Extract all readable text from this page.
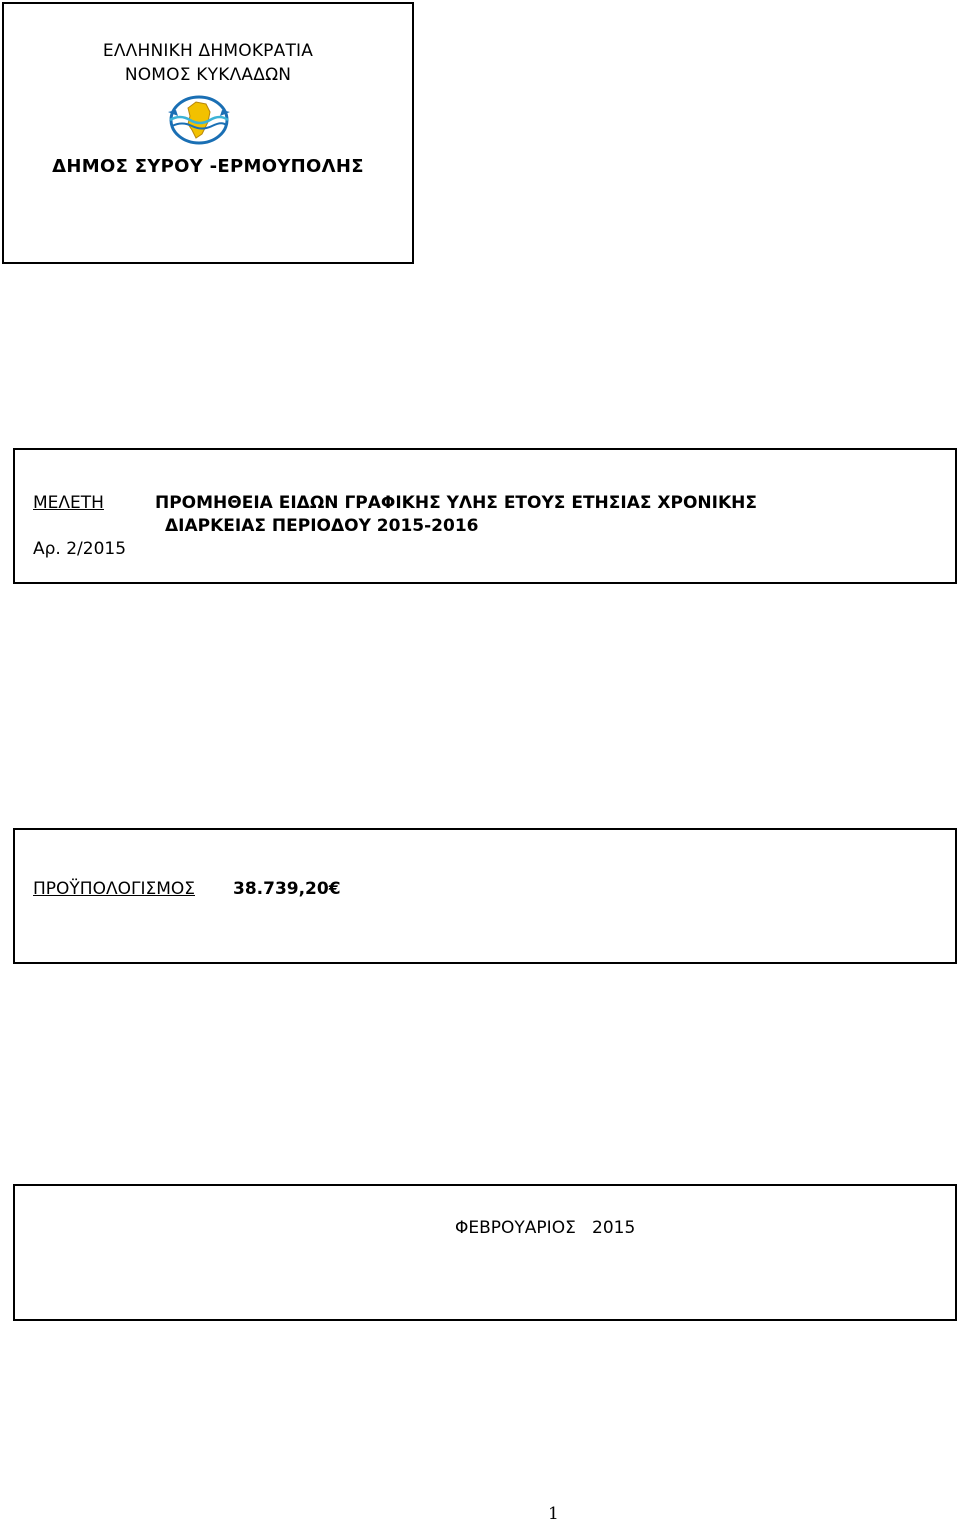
ΕΛΛΗΝΙΚΗ ΔΗΜΟΚΡΑΤΙΑ
ΝΟΜΟΣ ΚΥΚΛΑΔΩΝ
ΔΗΜΟΣ ΣΥΡΟΥ -ΕΡΜΟΥΠΟΛΗΣ
ΜΕΛΕΤΗ	ΠΡΟΜΗΘΕΙΑ ΕΙΔΩΝ ΓΡΑΦΙΚΗΣ ΥΛΗΣ ΕΤΟΥΣ ΕΤΗΣΙΑΣ ΧΡΟΝΙΚΗΣ
ΔΙΑΡΚΕΙΑΣ ΠΕΡΙΟΔΟΥ 2015-2016
Αρ. 2/2015
ΠΡΟΫΠΟΛΟΓΙΣΜΟΣ 38.739,20€
ΦΕΒΡΟΥΑΡΙΟΣ   2015
1
